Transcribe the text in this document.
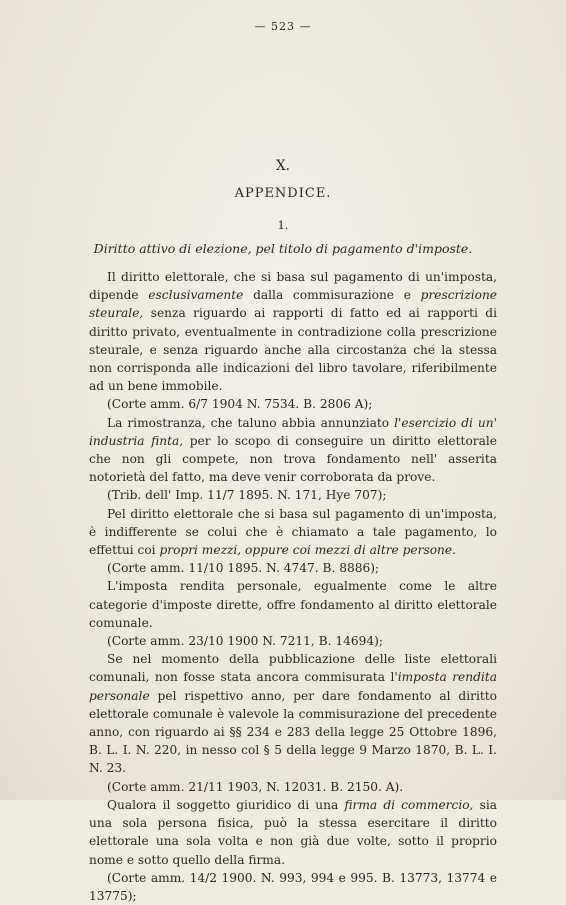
— 523 —
X.
APPENDICE.
1.
Diritto attivo di elezione, pel titolo di pagamento d'imposte.

Il diritto elettorale, che si basa sul pagamento di un'imposta, dipende esclusivamente dalla commisurazione e prescrizione steurale, senza riguardo ai rapporti di fatto ed ai rapporti di diritto privato, eventualmente in contradizione colla prescrizione steurale, e senza riguardo anche alla circostanza che la stessa non corrisponda alle indicazioni del libro tavolare, riferibilmente ad un bene immobile.

(Corte amm. 6/7 1904 N. 7534. B. 2806 A);

La rimostranza, che taluno abbia annunziato l'esercizio di un' industria finta, per lo scopo di conseguire un diritto elettorale che non gli compete, non trova fondamento nell' asserita notorietà del fatto, ma deve venir corroborata da prove.

(Trib. dell' Imp. 11/7 1895. N. 171, Hye 707);

Pel diritto elettorale che si basa sul pagamento di un'imposta, è indifferente se colui che è chiamato a tale pagamento, lo effettui coi propri mezzi, oppure coi mezzi di altre persone.

(Corte amm. 11/10 1895. N. 4747. B. 8886);

L'imposta rendita personale, egualmente come le altre categorie d'imposte dirette, offre fondamento al diritto elettorale comunale.

(Corte amm. 23/10 1900 N. 7211, B. 14694);

Se nel momento della pubblicazione delle liste elettorali comunali, non fosse stata ancora commisurata l'imposta rendita personale pel rispettivo anno, per dare fondamento al diritto elettorale comunale è valevole la commisurazione del precedente anno, con riguardo ai §§ 234 e 283 della legge 25 Ottobre 1896, B. L. I. N. 220, in nesso col § 5 della legge 9 Marzo 1870, B. L. I. N. 23.

(Corte amm. 21/11 1903, N. 12031. B. 2150. A).

Qualora il soggetto giuridico di una firma di commercio, sia una sola persona fisica, può la stessa esercitare il diritto elettorale una sola volta e non già due volte, sotto il proprio nome e sotto quello della firma.

(Corte amm. 14/2 1900. N. 993, 994 e 995. B. 13773, 13774 e 13775);
